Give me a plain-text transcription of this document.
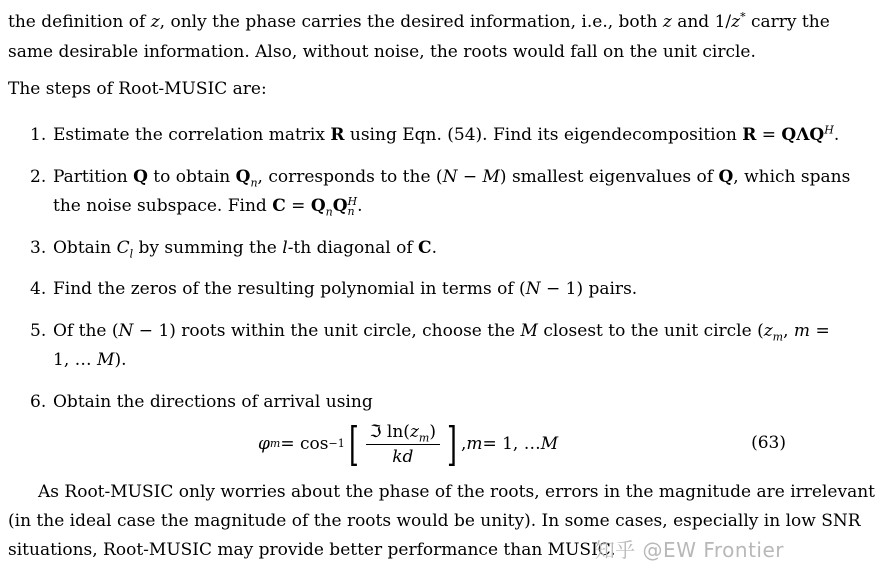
the definition of z, only the phase carries the desired information, i.e., both z and 1/z* carry the
same desirable information. Also, without noise, the roots would fall on the unit circle.
The steps of Root-MUSIC are:
1. Estimate the correlation matrix R using Eqn. (54). Find its eigendecomposition $R = Q\Lambda Q^H$.
2. Partition Q to obtain $Q_n$, corresponds to the (N − M) smallest eigenvalues of Q, which spans
the noise subspace. Find $C = Q_nQ$ H
n .
3. Obtain $C_l$ by summing the l-th diagonal of C.
4. Find the zeros of the resulting polynomial in terms of (N − 1) pairs.
5. Of the (N − 1) roots within the unit circle, choose the M closest to the unit circle ($z_m$, m =
1, … M).
6. Obtain the directions of arrival using
φ m = cos −1 [ $\frac{ℑ \ln(z_m)}{kd}$ ] , m = 1, … M	(63)
As Root-MUSIC only worries about the phase of the roots, errors in the magnitude are irrelevant
(in the ideal case the magnitude of the roots would be unity). In some cases, especially in low SNR
situations, Root-MUSIC may provide better performance than MUSIC.
知乎 @EW Frontier
